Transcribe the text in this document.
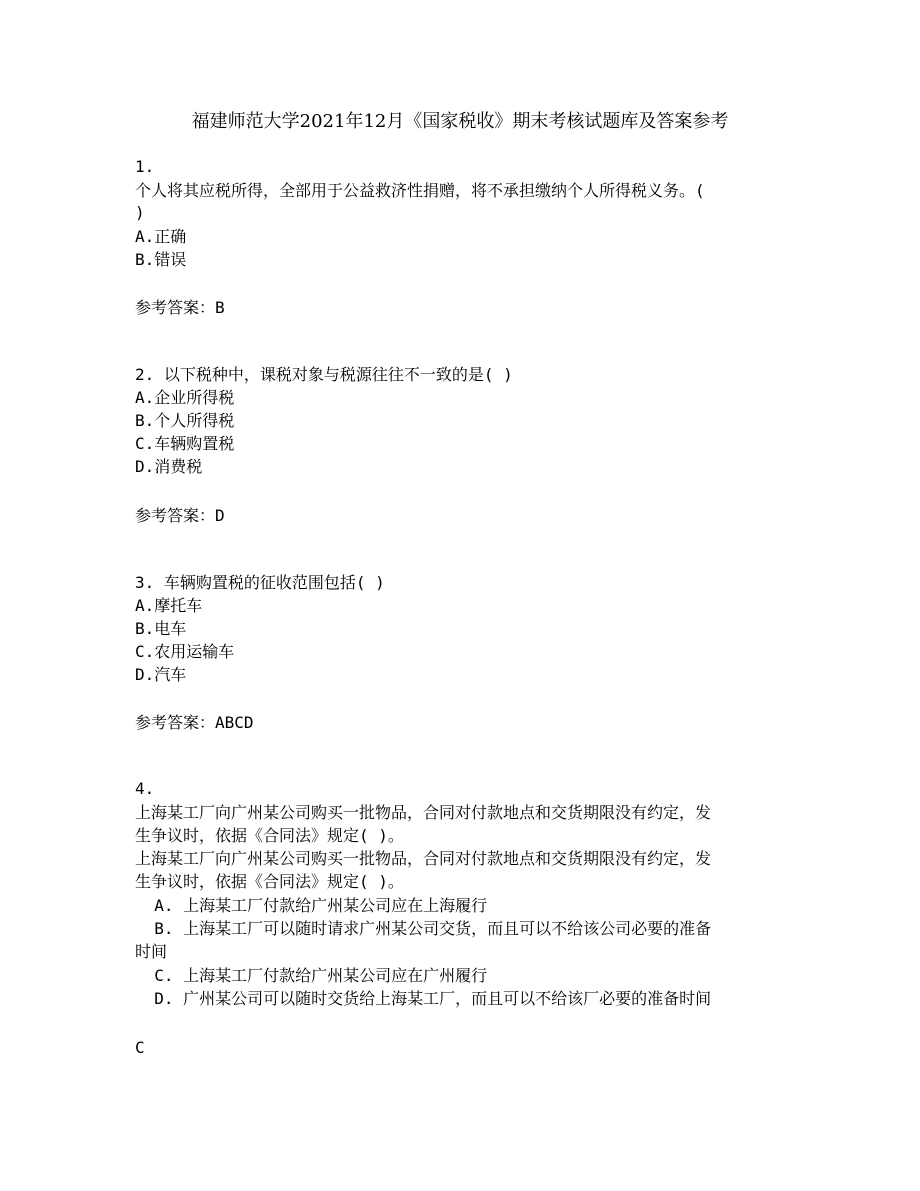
福建师范大学2021年12月《国家税收》期末考核试题库及答案参考
1.
个人将其应税所得，全部用于公益救济性捐赠，将不承担缴纳个人所得税义务。(
)
A.正确
B.错误
参考答案：B
2. 以下税种中，课税对象与税源往往不一致的是( )
A.企业所得税
B.个人所得税
C.车辆购置税
D.消费税
参考答案：D
3. 车辆购置税的征收范围包括( )
A.摩托车
B.电车
C.农用运输车
D.汽车
参考答案：ABCD
4.
上海某工厂向广州某公司购买一批物品，合同对付款地点和交货期限没有约定，发
生争议时，依据《合同法》规定( )。
上海某工厂向广州某公司购买一批物品，合同对付款地点和交货期限没有约定，发
生争议时，依据《合同法》规定( )。
A. 上海某工厂付款给广州某公司应在上海履行
B. 上海某工厂可以随时请求广州某公司交货，而且可以不给该公司必要的准备
时间
C. 上海某工厂付款给广州某公司应在广州履行
D. 广州某公司可以随时交货给上海某工厂，而且可以不给该厂必要的准备时间
C
